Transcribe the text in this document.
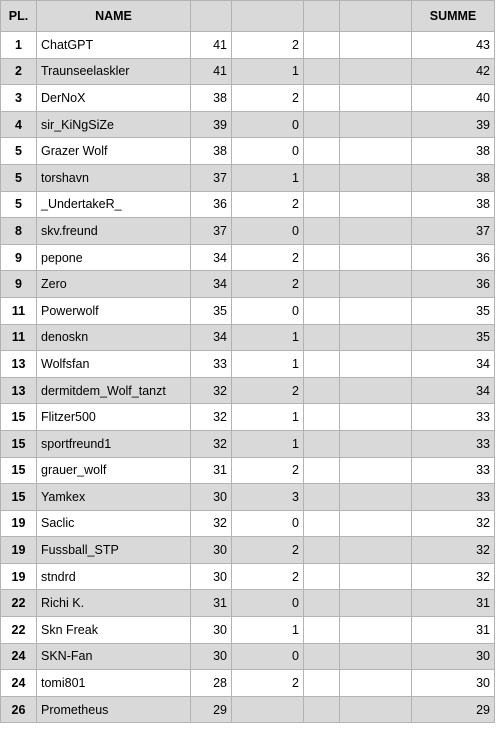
PL.	NAME					SUMME
1	ChatGPT	41	2			43
2	Traunseelaskler	41	1			42
3	DerNoX	38	2			40
4	sir_KiNgSiZe	39	0			39
5	Grazer Wolf	38	0			38
5	torshavn	37	1			38
5	_UndertakeR_	36	2			38
8	skv.freund	37	0			37
9	pepone	34	2			36
9	Zero	34	2			36
11	Powerwolf	35	0			35
11	denoskn	34	1			35
13	Wolfsfan	33	1			34
13	dermitdem_Wolf_tanzt	32	2			34
15	Flitzer500	32	1			33
15	sportfreund1	32	1			33
15	grauer_wolf	31	2			33
15	Yamkex	30	3			33
19	Saclic	32	0			32
19	Fussball_STP	30	2			32
19	stndrd	30	2			32
22	Richi K.	31	0			31
22	Skn Freak	30	1			31
24	SKN-Fan	30	0			30
24	tomi801	28	2			30
26	Prometheus	29				29
